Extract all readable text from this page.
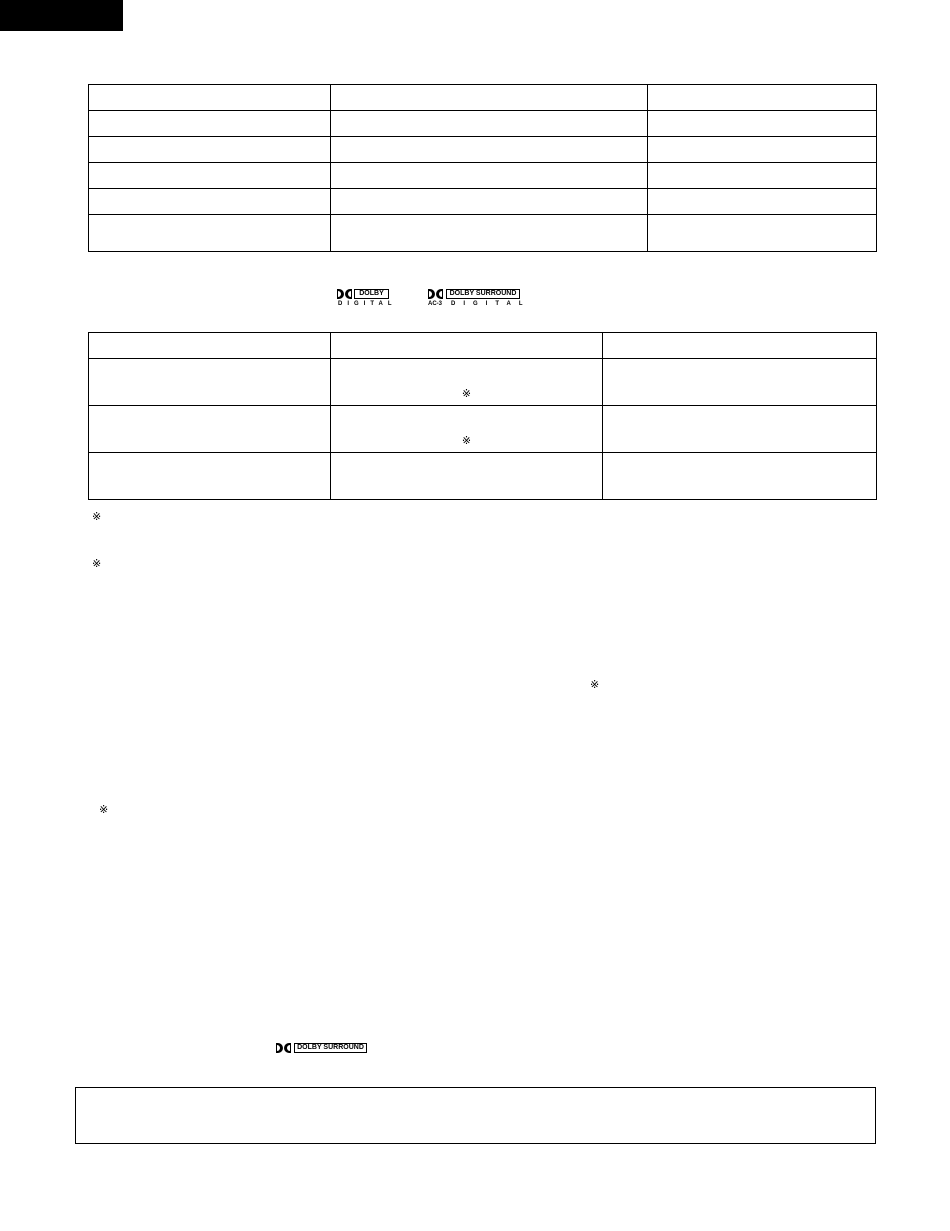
DOLBY
DIGITAL
DOLBY SURROUND
AC-3 DIGITAL

	※	
	※	

※
※
※
※
DOLBY SURROUND
